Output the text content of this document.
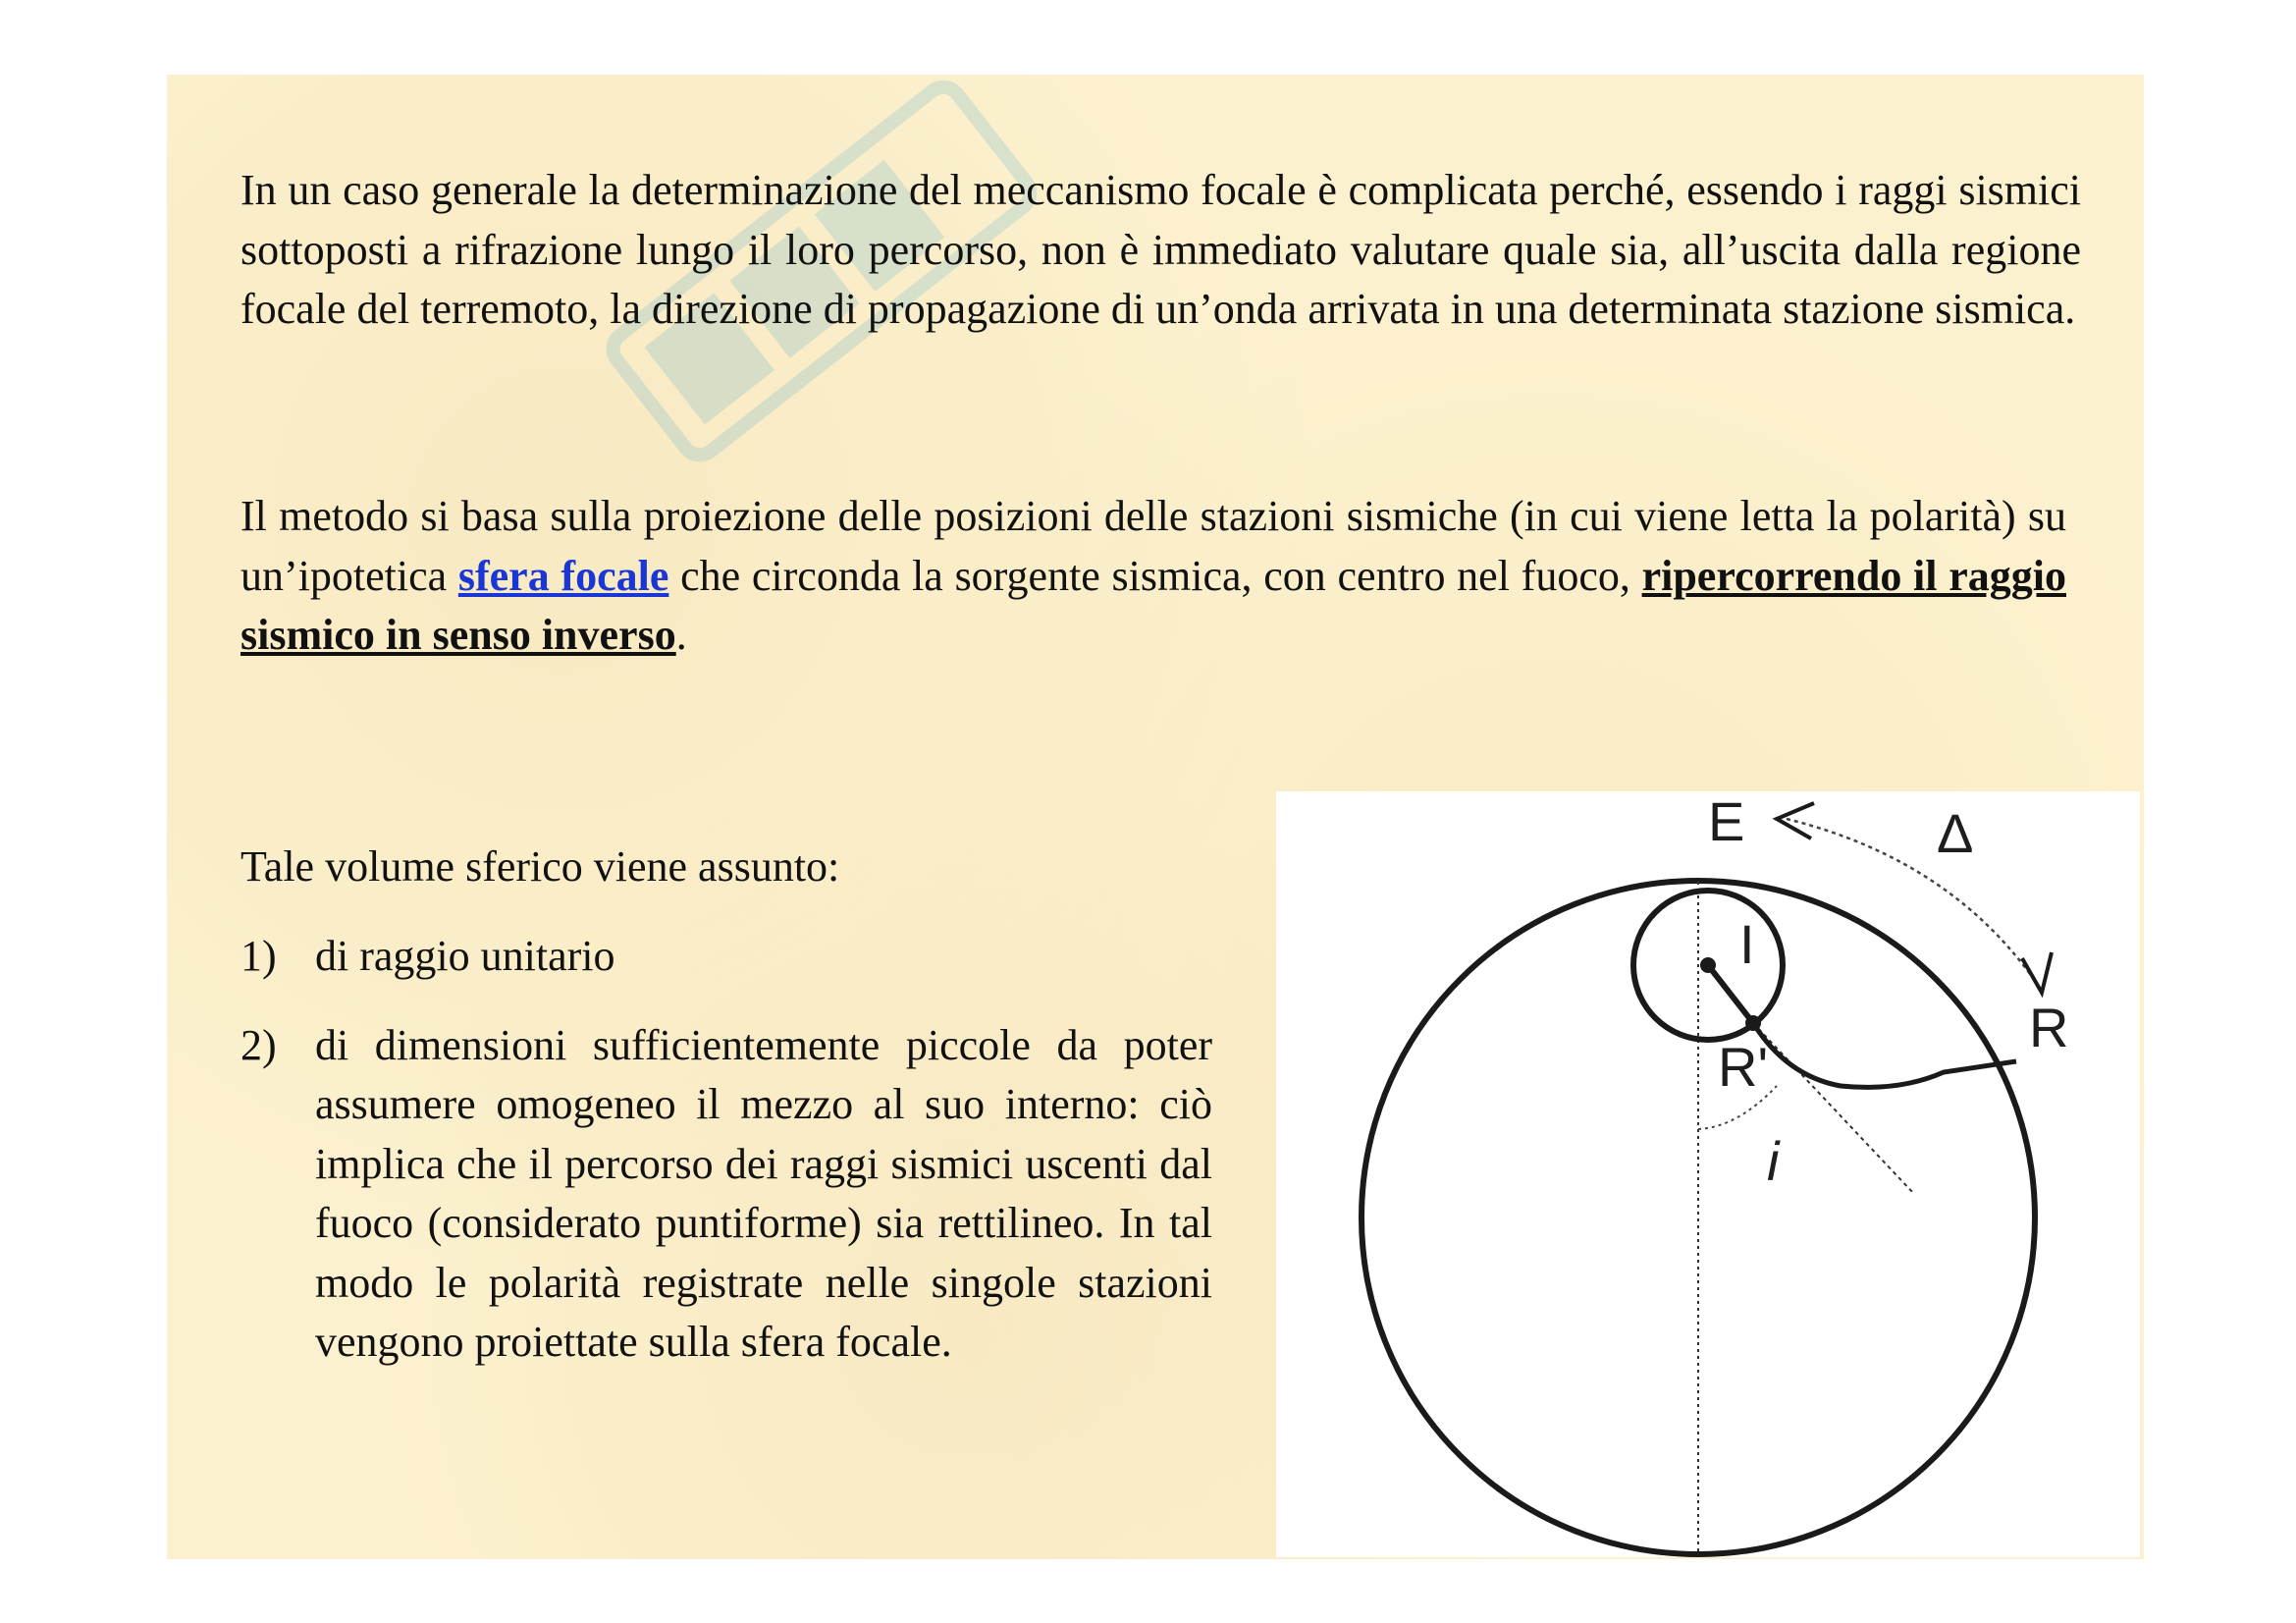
In un caso generale la determinazione del meccanismo focale è complicata perché, essendo i raggi sismici sottoposti a rifrazione lungo il loro percorso, non è immediato valutare quale sia, all’uscita dalla regione focale del terremoto, la direzione di propagazione di un’onda arrivata in una determinata stazione sismica.
Il metodo si basa sulla proiezione delle posizioni delle stazioni sismiche (in cui viene letta la polarità) su un’ipotetica sfera focale che circonda la sorgente sismica, con centro nel fuoco, ripercorrendo il raggio sismico in senso inverso.
Tale volume sferico viene assunto:
1) di raggio unitario
2) di dimensioni sufficientemente piccole da poter assumere omogeneo il mezzo al suo interno: ciò implica che il percorso dei raggi sismici uscenti dal fuoco (considerato puntiforme) sia rettilineo. In tal modo le polarità registrate nelle singole stazioni vengono proiettate sulla sfera focale.
E	Δ
I
R
R'
i
